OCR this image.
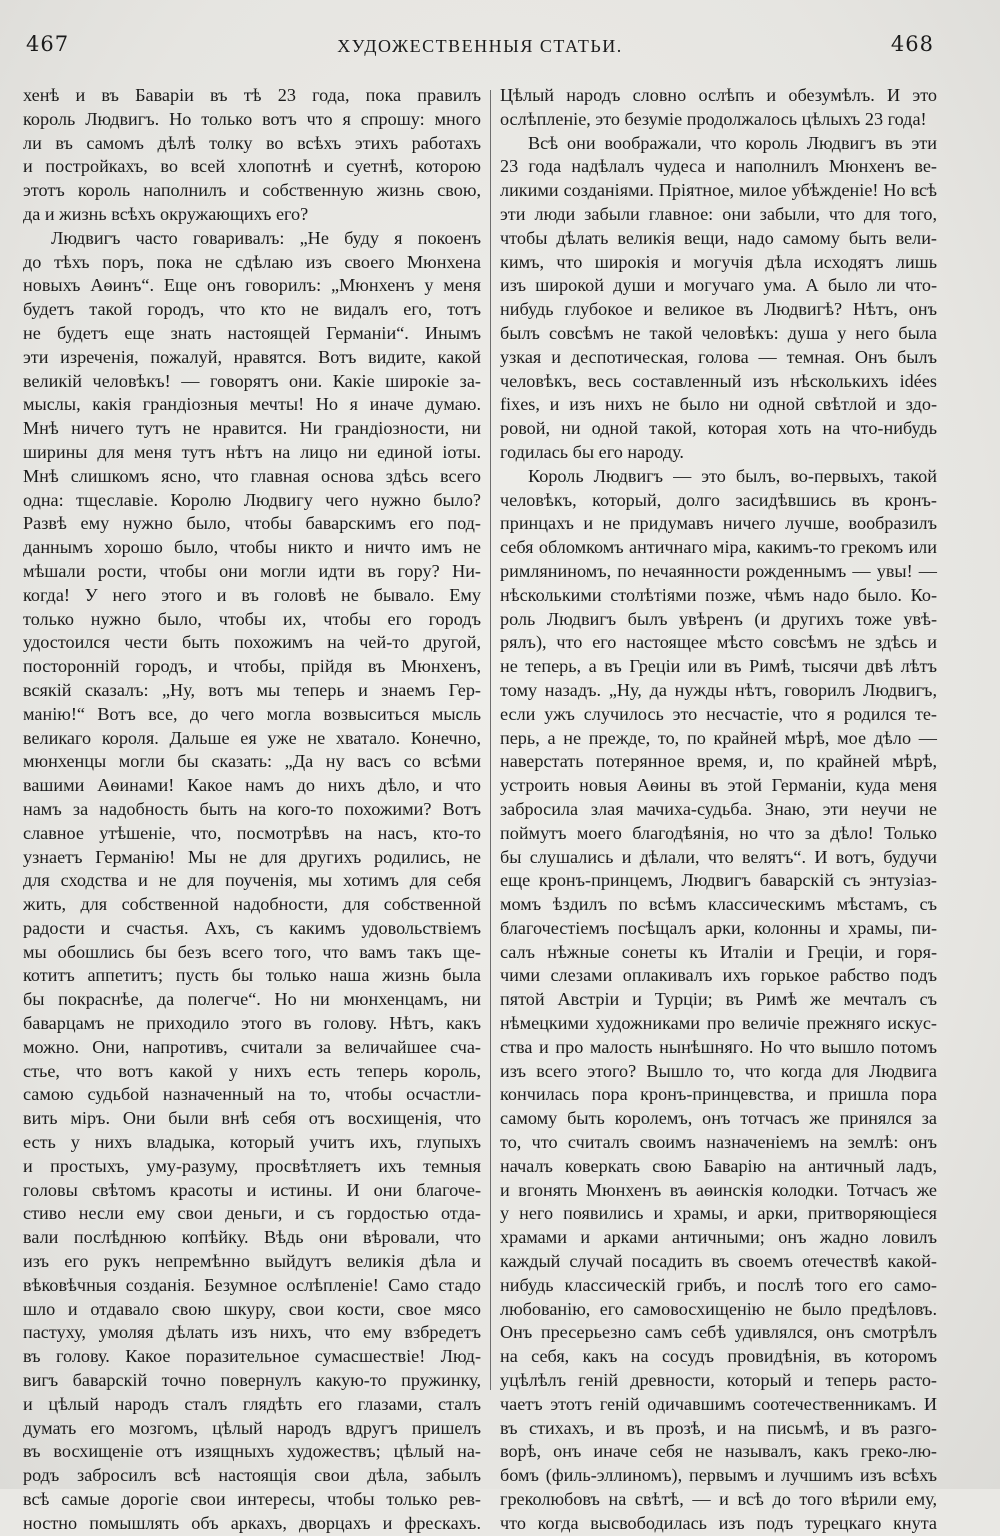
467	ХУДОЖЕСТВЕННЫЯ СТАТЬИ.	468
хенѣ и въ Баваріи въ тѣ 23 года, пока правилъ
король Людвигъ. Но только вотъ что я спрошу: много
ли въ самомъ дѣлѣ толку во всѣхъ этихъ работахъ
и постройкахъ, во всей хлопотнѣ и суетнѣ, которою
этотъ король наполнилъ и собственную жизнь свою,
да и жизнь всѣхъ окружающихъ его?
Людвигъ часто говаривалъ: „Не буду я покоенъ
до тѣхъ поръ, пока не сдѣлаю изъ своего Мюнхена
новыхъ Аѳинъ“. Еще онъ говорилъ: „Мюнхенъ у меня
будетъ такой городъ, что кто не видалъ его, тотъ
не будетъ еще знать настоящей Германіи“. Инымъ
эти изреченія, пожалуй, нравятся. Вотъ видите, какой
великій человѣкъ! — говорятъ они. Какіе широкіе за-
мыслы, какія грандіозныя мечты! Но я иначе думаю.
Мнѣ ничего тутъ не нравится. Ни грандіозности, ни
ширины для меня тутъ нѣтъ на лицо ни единой іоты.
Мнѣ слишкомъ ясно, что главная основа здѣсь всего
одна: тщеславіе. Королю Людвигу чего нужно было?
Развѣ ему нужно было, чтобы баварскимъ его под-
даннымъ хорошо было, чтобы никто и ничто имъ не
мѣшали рости, чтобы они могли идти въ гору? Ни-
когда! У него этого и въ головѣ не бывало. Ему
только нужно было, чтобы их, чтобы его городъ
удостоился чести быть похожимъ на чей-то другой,
посторонній городъ, и чтобы, прійдя въ Мюнхенъ,
всякій сказалъ: „Ну, вотъ мы теперь и знаемъ Гер-
манію!“ Вотъ все, до чего могла возвыситься мысль
великаго короля. Дальше ея уже не хватало. Конечно,
мюнхенцы могли бы сказать: „Да ну васъ со всѣми
вашими Аѳинами! Какое намъ до нихъ дѣло, и что
намъ за надобность быть на кого-то похожими? Вотъ
славное утѣшеніе, что, посмотрѣвъ на насъ, кто-то
узнаетъ Германію! Мы не для другихъ родились, не
для сходства и не для поученія, мы хотимъ для себя
жить, для собственной надобности, для собственной
радости и счастья. Ахъ, съ какимъ удовольствіемъ
мы обошлись бы безъ всего того, что вамъ такъ ще-
котитъ аппетитъ; пусть бы только наша жизнь была
бы покраснѣе, да полегче“. Но ни мюнхенцамъ, ни
баварцамъ не приходило этого въ голову. Нѣтъ, какъ
можно. Они, напротивъ, считали за величайшее сча-
стье, что вотъ какой у нихъ есть теперь король,
самою судьбой назначенный на то, чтобы осчастли-
вить міръ. Они были внѣ себя отъ восхищенія, что
есть у нихъ владыка, который учитъ ихъ, глупыхъ
и простыхъ, уму-разуму, просвѣтляетъ ихъ темныя
головы свѣтомъ красоты и истины. И они благоче-
стиво несли ему свои деньги, и съ гордостью отда-
вали послѣднюю копѣйку. Вѣдь они вѣровали, что
изъ его рукъ непремѣнно выйдутъ великія дѣла и
вѣковѣчныя созданія. Безумное ослѣпленіе! Само стадо
шло и отдавало свою шкуру, свои кости, свое мясо
пастуху, умоляя дѣлать изъ нихъ, что ему взбредетъ
въ голову. Какое поразительное сумасшествіе! Люд-
вигъ баварскій точно повернулъ какую-то пружинку,
и цѣлый народъ сталъ глядѣть его глазами, сталъ
думать его мозгомъ, цѣлый народъ вдругъ пришелъ
въ восхищеніе отъ изящныхъ художествъ; цѣлый на-
родъ забросилъ всѣ настоящія свои дѣла, забылъ
всѣ самые дорогіе свои интересы, чтобы только рев-
ностно помышлять объ аркахъ, дворцахъ и фрескахъ.
Цѣлый народъ словно ослѣпъ и обезумѣлъ. И это
ослѣпленіе, это безуміе продолжалось цѣлыхъ 23 года!
Всѣ они воображали, что король Людвигъ въ эти
23 года надѣлалъ чудеса и наполнилъ Мюнхенъ ве-
ликими созданіями. Пріятное, милое убѣжденіе! Но всѣ
эти люди забыли главное: они забыли, что для того,
чтобы дѣлать великія вещи, надо самому быть вели-
кимъ, что широкія и могучія дѣла исходятъ лишь
изъ широкой души и могучаго ума. А было ли что-
нибудь глубокое и великое въ Людвигѣ? Нѣтъ, онъ
былъ совсѣмъ не такой человѣкъ: душа у него была
узкая и деспотическая, голова — темная. Онъ былъ
человѣкъ, весь составленный изъ нѣсколькихъ idées
fixes, и изъ нихъ не было ни одной свѣтлой и здо-
ровой, ни одной такой, которая хоть на что-нибудь
годилась бы его народу.
Король Людвигъ — это былъ, во-первыхъ, такой
человѣкъ, который, долго засидѣвшись въ кронъ-
принцахъ и не придумавъ ничего лучше, вообразилъ
себя обломкомъ античнаго міра, какимъ-то грекомъ или
римляниномъ, по нечаянности рожденнымъ — увы! —
нѣсколькими столѣтіями позже, чѣмъ надо было. Ко-
роль Людвигъ былъ увѣренъ (и другихъ тоже увѣ-
рялъ), что его настоящее мѣсто совсѣмъ не здѣсь и
не теперь, а въ Греціи или въ Римѣ, тысячи двѣ лѣтъ
тому назадъ. „Ну, да нужды нѣтъ, говорилъ Людвигъ,
если ужъ случилось это несчастіе, что я родился те-
перь, а не прежде, то, по крайней мѣрѣ, мое дѣло —
наверстать потерянное время, и, по крайней мѣрѣ,
устроить новыя Аѳины въ этой Германіи, куда меня
забросила злая мачиха-судьба. Знаю, эти неучи не
поймутъ моего благодѣянія, но что за дѣло! Только
бы слушались и дѣлали, что велятъ“. И вотъ, будучи
еще кронъ-принцемъ, Людвигъ баварскій съ энтузіаз-
момъ ѣздилъ по всѣмъ классическимъ мѣстамъ, съ
благочестіемъ посѣщалъ арки, колонны и храмы, пи-
салъ нѣжные сонеты къ Италіи и Греціи, и горя-
чими слезами оплакивалъ ихъ горькое рабство подъ
пятой Австріи и Турціи; въ Римѣ же мечталъ съ
нѣмецкими художниками про величіе прежняго искус-
ства и про малость нынѣшняго. Но что вышло потомъ
изъ всего этого? Вышло то, что когда для Людвига
кончилась пора кронъ-принцевства, и пришла пора
самому быть королемъ, онъ тотчасъ же принялся за
то, что считалъ своимъ назначеніемъ на землѣ: онъ
началъ коверкать свою Баварію на античный ладъ,
и вгонять Мюнхенъ въ аѳинскія колодки. Тотчасъ же
у него появились и храмы, и арки, притворяющіеся
храмами и арками античными; онъ жадно ловилъ
каждый случай посадить въ своемъ отечествѣ какой-
нибудь классическій грибъ, и послѣ того его само-
любованію, его самовосхищенію не было предѣловъ.
Онъ пресерьезно самъ себѣ удивлялся, онъ смотрѣлъ
на себя, какъ на сосудъ провидѣнія, въ которомъ
уцѣлѣлъ геній древности, который и теперь расто-
чаетъ этотъ геній одичавшимъ соотечественникамъ. И
въ стихахъ, и въ прозѣ, и на письмѣ, и въ разго-
ворѣ, онъ иначе себя не называлъ, какъ греко-лю-
бомъ (филь-эллиномъ), первымъ и лучшимъ изъ всѣхъ
греколюбовъ на свѣтѣ, — и всѣ до того вѣрили ему,
что когда высвободилась изъ подъ турецкаго кнута
